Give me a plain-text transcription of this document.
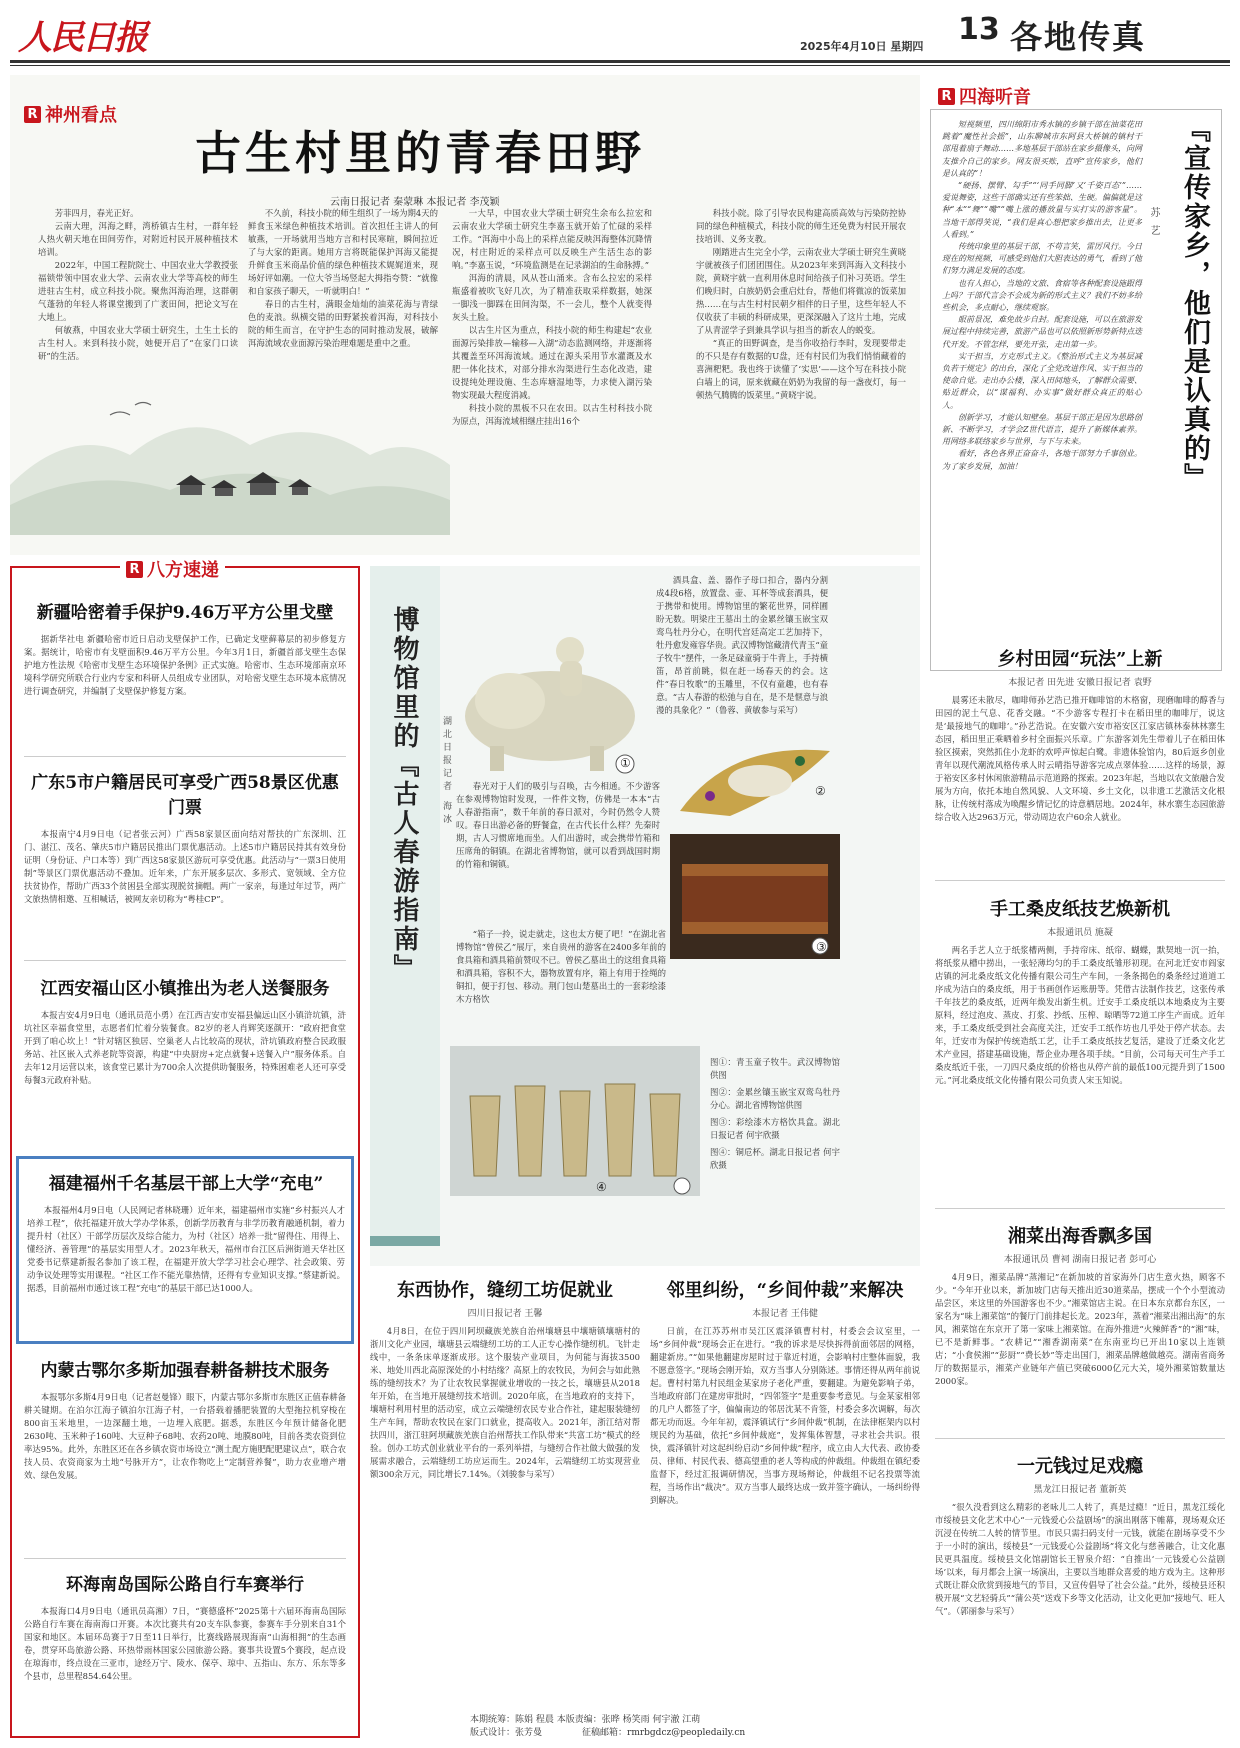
人民日报	2025年4月10日 星期四 13 各地传真
R 神州看点
古生村里的青春田野
云南日报记者 秦蒙琳 本报记者 李茂颖

芳菲四月，春光正好。

云南大理，洱海之畔，湾桥镇古生村，一群年轻人热火朝天地在田间劳作，对附近村民开展种植技术培训。

2022年，中国工程院院士、中国农业大学教授张福锁带领中国农业大学、云南农业大学等高校的师生进驻古生村，成立科技小院。聚焦洱海治理，这群朝气蓬勃的年轻人将课堂搬到了广袤田间，把论文写在大地上。

何敏燕，中国农业大学硕士研究生，土生土长的古生村人。来到科技小院，她便开启了“在家门口读研”的生活。

不久前，科技小院的师生组织了一场为期4天的鲜食玉米绿色种植技术培训。首次担任主讲人的何敏燕，一开场就用当地方言和村民寒暄，瞬间拉近了与大家的距离。她用方言将既能保护洱海又能提升鲜食玉米商品价值的绿色种植技术娓娓道来，现场好评如潮。一位大爷当场竖起大拇指夸赞：“就像和自家孩子聊天，一听就明白！”

春日的古生村，满眼金灿灿的油菜花海与青绿色的麦浪。纵横交错的田野紧挨着洱海，对科技小院的师生而言，在守护生态的同时推动发展，破解洱海流域农业面源污染治理难题是重中之重。

一大早，中国农业大学硕士研究生余布么拉宏和云南农业大学硕士研究生李嘉玉就开始了忙碌的采样工作。“洱海中小岛上的采样点能反映洱海整体沉降情况，村庄附近的采样点可以反映生产生活生态的影响。”李嘉玉说，“环境监测是在记录湖泊的生命脉搏。”

洱海的清晨，风从苍山涌来。含布么拉宏的采样瓶盛着被吹飞好几次，为了精准获取采样数据，她深一脚浅一脚踩在田间沟渠，不一会儿，整个人就变得灰头土脸。

以古生片区为重点，科技小院的师生构建起“农业面源污染排放—输移—入湖”动态监测网络，并逐渐将其覆盖至环洱海流域。通过在源头采用节水灌溉及水肥一体化技术，对部分排水沟渠进行生态化改造，建设提纯处理设施、生态库塘湿地等，力求使入湖污染物实现最大程度消减。

科技小院的黑板不只在农田。以古生村科技小院为原点，洱海流域相继庄挂出16个

科技小院。除了引导农民构建高质高效与污染防控协同的绿色种植模式，科技小院的师生还免费为村民开展农技培训、义务支教。

刚踏进古生完全小学，云南农业大学硕士研究生黄晓宇就被孩子们团团围住。从2023年来到洱海入文科技小院，黄晓宇就一直利用休息时间给孩子们补习英语。学生们晚归时，白族奶奶会重启灶台，帮他们将微凉的饭菜加热……在与古生村村民朝夕相伴的日子里，这些年轻人不仅收获了丰硕的科研成果，更深深融入了这片土地，完成了从青涩学子到兼具学识与担当的新农人的蜕变。

“真正的田野调查，是当你收拾行李时，发现要带走的不只是存有数据的U盘，还有村民们为我们悄悄藏着的喜洲粑粑。我也终于读懂了‘实思’——这个写在科技小院白墙上的词，原来就藏在奶奶为我留的每一盏夜灯，每一顿热气腾腾的饭菜里。”黄晓宇说。

R 四海听音
『宣传家乡，他们是认真的』
苏艺

短视频里，四川绵阳市秀水镇的乡镇干部在油菜花田跳着“魔性社会摇”，山东聊城市东阿县大桥镇的镇村干部甩着扇子舞动……多地基层干部站在家乡摄像头，向网友推介自己的家乡。网友很买账，直呼“宣传家乡，他们是认真的”！

“硬扬、摆臂、勾手”“‘同手同脚’又‘千姿百态’”……爱说舞姿，这些干部确实还有些笨拙、生硬。偏偏就是这种“本”“舞”“嘴”“嘴上涨的播放量与实打实的游客量”。当地干部得笑说，“我们是真心想把家乡推出去，让更多人看到。”

传统印象里的基层干部，不苟言笑，雷厉风行。今日现在的短视频，可感受到他们大胆表达的勇气，看到了他们努力满足发展的态度。

也有人担心，当地的文旅、食宿等各种配套设施跟得上吗？干部代言会不会成为新的形式主义？我们不妨多给些机会，多点耐心，继续观察。

眼前景况，难免故步自封。配套设施，可以在旅游发展过程中持续完善，旅游产品也可以依照新形势新特点迭代开发。不管怎样，要先开张，走出第一步。

实干担当，方克形式主义。《整治形式主义为基层减负若干规定》的出台，深化了全党改进作风、实干担当的使命自觉。走出办公楼，深入田间地头，了解群众需要、贴近群众，以“谋福利、办实事”做好群众真正的贴心人。

创新学习，才能认知壁垒。基层干部正是因为思路创新、不断学习，才学会Z世代语言，提升了新媒体素养。用网络多联络家乡与世界，与下与未来。

看好，各色各界正奋奋斗，各地干部努力千事创业。为了家乡发展，加油！

R 八方速递
新疆哈密着手保护9.46万平方公里戈壁
据新华社电 新疆哈密市近日启动戈壁保护工作，已确定戈壁藓幕层的初步修复方案。据统计，哈密市有戈壁面积9.46万平方公里。今年3月1日，新疆首部戈壁生态保护地方性法规《哈密市戈壁生态环境保护条例》正式实施。哈密市、生态环境部南京环境科学研究所联合行业内专家和科研人员组成专业团队，对哈密戈壁生态环境本底情况进行调查研究，并编制了戈壁保护修复方案。
广东5市户籍居民可享受广西58景区优惠门票
本报南宁4月9日电（记者张云河）广西58家景区面向结对帮扶的广东深圳、江门、湛江、茂名、肇庆5市户籍居民推出门票优惠活动。上述5市户籍居民持其有效身份证明（身份证、户口本等）到广西这58家景区游玩可享受优惠。此活动与“一票3日使用制”等景区门票优惠活动不叠加。近年来，广东开展多层次、多形式、宽领域、全方位扶贫协作，帮助广西33个贫困县全部实现脱贫摘帽。两广一家亲，每逢过年过节，两广文旅热情相邀、互相喊话，被网友亲切称为“粤桂CP”。
江西安福山区小镇推出为老人送餐服务
本报吉安4月9日电（通讯员范小勇）在江西吉安市安福县偏远山区小镇浒坑镇，浒坑社区幸福食堂里，志愿者们忙着分装餐食。82岁的老人肖辉笑逐颜开：“政府把食堂开到了咱心坎上！”针对辖区独居、空巢老人占比较高的现状，浒坑镇政府整合民政服务站、社区嵌入式养老院等资源，构建“中央厨房+定点就餐+送餐入户”服务体系。自去年12月运营以来，该食堂已累计为700余人次提供助餐服务，特殊困难老人还可享受每餐3元政府补贴。
福建福州千名基层干部上大学“充电”
本报福州4月9日电（人民网记者林晓珊）近年来，福建福州市实施“乡村振兴人才培养工程”，依托福建开放大学办学体系，创新学历教育与非学历教育融通机制，着力提升村（社区）干部学历层次及综合能力，为村（社区）培养一批“留得住、用得上、懂经济、善管理”的基层实用型人才。2023年秋天，福州市台江区后洲街道天华社区党委书记蔡建新报名参加了该工程，在福建开放大学学习社会心理学、社会政策、劳动争议处理等实用课程。“社区工作不能光靠热情，还得有专业知识支撑。”蔡建新说。据悉，目前福州市通过该工程“充电”的基层干部已达1000人。
内蒙古鄂尔多斯加强春耕备耕技术服务
本报鄂尔多斯4月9日电（记者赵曼锋）眼下，内蒙古鄂尔多斯市东胜区正值春耕备耕关键期。在泊尔江海子镇泊尔江海子村，一台搭载着播肥装置的大型拖拉机穿梭在800亩玉米地里，一边深翻土地，一边埋入底肥。据悉，东胜区今年预计储备化肥2630吨、玉米种子160吨、大豆种子68吨、农药20吨、地膜80吨，目前各类农资到位率达95%。此外，东胜区还在各乡镇农资市场设立“测土配方施肥配肥建议点”，联合农技人员、农资商家为土地“号脉开方”，让农作物吃上“定制营养餐”，助力农业增产增效、绿色发展。
环海南岛国际公路自行车赛举行
本报海口4月9日电（通讯员高湘）7日，“赛德盛杯”2025第十六届环海南岛国际公路自行车赛在海南海口开赛。本次比赛共有20支车队参赛，参赛车手分别来自31个国家和地区。本届环岛赛于7日至11日举行，比赛线路展现海南“山海相拥”的生态画卷，贯穿环岛旅游公路、环热带雨林国家公园旅游公路。赛事共设置5个赛段，起点设在琼海市，终点设在三亚市，途经万宁、陵水、保亭、琼中、五指山、东方、乐东等多个县市，总里程854.64公里。
博物馆里的『古人春游指南』	湖北日报记者 海冰	①
酒具盒、盖、器作子母口扣合，器内分割成4段6格，放置盘、壶、耳杯等成套酒具，便于携带和使用。博物馆里的繁花世界，同样圃盼无数。明梁庄王墓出土的金累丝镶玉嵌宝双鸾鸟牡丹分心，在明代宫廷高定工艺加持下，牡丹愈发雍容华贵。武汉博物馆藏清代青玉“童子牧牛”摆件，一条足碌童骑于牛背上，手持横笛，昂首前眺，似在赶一场春天的约会。这件“春日牧歌”的玉雕里，不仅有童趣，也有春意。“古人春游的松弛与自在，是不是惬意与浪漫的具象化？”（鲁蓉、黄敏参与采写）
②
春光对于人们的吸引与召唤，古今相通。不少游客在参观博物馆时发现，一件件文物，仿佛是一本本“古人春游指南”，数千年前的春日派对，今时仍然令人赞叹。春日出游必备的野餐盒，在古代长什么样？先秦时期，古人习惯席地而坐。人们出游时，或会携带竹箱和压席角的铜镇。在湖北省博物馆，就可以看到战国时期的竹箱和铜镇。
③
“箱子一拎，说走就走，这也太方便了吧！”在湖北省博物馆“曾侯乙”展厅，来自贵州的游客在2400多年前的食具箱和酒具箱前赞叹不已。曾侯乙墓出土的这组食具箱和酒具箱，容积不大，器物放置有序，箱上有用于拴绳的铜扣，便于打包、移动。荆门包山楚墓出土的一套彩绘漆木方格饮
④
图①：青玉童子牧牛。武汉博物馆供图
图②：金累丝镶玉嵌宝双鸾鸟牡丹分心。湖北省博物馆供图
图③：彩绘漆木方格饮具盒。湖北日报记者 何宇欣摄
图④：铜卮杯。湖北日报记者 何宇欣摄
东西协作，缝纫工坊促就业
四川日报记者 王馨
4月8日，在位于四川阿坝藏族羌族自治州壤塘县中壤塘镇壤塘村的浙川文化产业园，壤塘县云端缝纫工坊的工人正专心操作缝纫机。飞针走线中，一条条床单逐渐成形。这个服装产业项目，为何能与海拔3500米、地处川西北高原深处的小村结缘？高原上的农牧民，为何会与如此熟练的缝纫技术？为了让农牧民掌握就业增收的一技之长，壤塘县从2018年开始，在当地开展缝纫技术培训。2020年底，在当地政府的支持下，壤塘村利用村里的活动室，成立云端缝纫农民专业合作社，建起服装缝纫生产车间，帮助农牧民在家门口就业，提高收入。2021年，浙江结对帮扶四川，浙江驻阿坝藏族羌族自治州帮扶工作队带来“共富工坊”模式的经验。创办工坊式创业就业平台的一系列举措，与缝纫合作社做大做强的发展需求融合，云端缝纫工坊应运而生。2024年，云端缝纫工坊实现营业额300余万元，同比增长7.14%。（刘骏参与采写）
邻里纠纷，“乡间仲裁”来解决
本报记者 王伟健
日前，在江苏苏州市吴江区震泽镇曹村村，村委会会议室里，一场“乡间仲裁”现场会正在进行。“我的诉求是尽快拆得前面邻居的网格，翻建新房。”“如果他翻建房屋时过于靠近村道，会影响村庄整体面貌，我不愿意签字。”现场会刚开始，双方当事人分别陈述。事情还得从两年前说起。曹村村第九村民组金某家房子老化严重，要翻建。为避免影响子弟，当地政府部门在建房审批时，“四邻签字”是重要参考意见。与金某家相邻的几户人都签了字，偏偏南边的邻居沈某不肯签，村委会多次调解，每次都无功而返。今年年初，震泽镇试行“乡间仲裁”机制，在法律框架内以村规民约为基础，依托“乡间仲裁庭”，发挥集体智慧，寻求社会共识。很快，震泽镇针对这起纠纷启动“乡间仲裁”程序，成立由人大代表、政协委员、律师、村民代表、德高望重的老人等构成的仲裁组。仲裁组在镇纪委监督下，经过汇报调研情况，当事方现场辩论，仲裁组不记名投票等流程，当场作出“裁决”。双方当事人最终达成一致并签字确认，一场纠纷得到解决。
乡村田园“玩法”上新
本报记者 田先进 安徽日报记者 袁野
晨雾还未散尽，咖啡师孙艺浩已推开咖啡馆的木格窗，现磨咖啡的醇香与田园的泥土气息、花香交融。“不少游客专程打卡在稻田里的咖啡厅，说这是‘最接地气的咖啡’。”孙艺浩说。在安徽六安市裕安区江家店镇林泰林林寨生态园，稻田里正乘晒着乡村全面振兴乐章。广东游客刘先生带着儿子在稻田体验区摸索，突然抓住小龙虾的欢呼声惊起白鹭。非遗体验馆内，80后返乡创业青年以现代潮流风格传承人时云晴指导游客完成点翠体验……这样的场景，源于裕安区多村休闲旅游精品示范道路的探索。2023年起，当地以农文旅融合发展为方向，依托本地自然风貌、人文环境、乡土文化，以非遗工艺激活文化根脉，让传统村落成为唤醒乡情记忆的诗意栖居地。2024年，林水寨生态园旅游综合收入达2963万元，带动周边农户60余人就业。
手工桑皮纸技艺焕新机
本报通讯员 施凝
两名手艺人立于纸浆槽两侧，手持帘床、纸帘、蝴蝶，默契地一沉一抬，将纸浆从槽中捞出，一张轻薄均匀的手工桑皮纸雏形初现。在河北迁安市阎家店镇的河北桑皮纸文化传播有限公司生产车间，一条条揭色的桑条经过道道工序成为洁白的桑皮纸，用于书画创作运账册等。凭借古法制作技艺，这张传承千年技艺的桑皮纸，近两年焕发出新生机。迁安手工桑皮纸以本地桑皮为主要原料，经过泡皮、蒸皮、打浆、抄纸、压榨、晾晒等72道工序生产而成。近年来，手工桑皮纸受到社会高度关注，迁安手工纸作坊也几乎处于停产状态。去年，迁安市为保护传统造纸工艺，让手工桑皮纸技艺复活，建设了迁桑文化艺术产业园，搭建基础设施，帮企业办理各项手续。“目前，公司每天可生产手工桑皮纸近千张，一刀四尺桑皮纸的价格也从停产前的最低100元提升到了1500元。”河北桑皮纸文化传播有限公司负责人宋玉知说。
湘菜出海香飘多国
本报通讯员 曹祠 湖南日报记者 彭可心
4月9日，湘菜品牌“蒸湘记”在新加坡的首家海外门店生意火热，顾客不少。“今年开业以来，新加坡门店每天推出近30道菜品，摆成一个个小型流动品尝区，来这里的外国游客也不少。”湘菜馆店主说。在日本东京都台东区，一家名为“味上湘菜馆”的餐厅门前排起长龙。2023年，蒸着“湘菜出湘出海”的东风，湘菜馆在东京开了第一家味上湘菜馆。在海外推进“火辣鲜香”的“湘”味，已不是新鲜事。“农耕记”“湘香湖南菜”在东南亚均已开出10家以上连锁店；“小食侯湘”“彭厨”“费长妙”等走出国门，湘菜品牌越做越亮。湖南省商务厅的数据显示，湘菜产业链年产值已突破6000亿元大关，境外湘菜馆数量达2000家。
一元钱过足戏瘾
黑龙江日报记者 董新英
“很久没看到这么精彩的老咏儿二人转了，真是过瘾！”近日，黑龙江绥化市绥棱县文化艺术中心“一元钱爱心公益剧场”的演出刚落下帷幕，现场观众还沉浸在传统二人转的情节里。市民只需扫码支付一元钱，就能在剧场享受不少于一小时的演出，绥棱县“一元钱爱心公益剧场”将文化与慈善融合，让文化惠民更具温度。绥棱县文化馆副馆长王智泉介绍：“自推出‘一元钱爱心公益剧场’以来，每月都会上演一场演出，主要以当地群众喜爱的地方戏为主。这种形式既让群众欣赏到接地气的节目，又宣传倡导了社会公益。”此外，绥棱县还积极开展“文艺轻骑兵”“蒲公英”送戏下乡等文化活动，让文化更加“接地气、旺人气”。（郭丽参与采写）
本期统筹：陈娟 程晨 本版责编：张晔 杨笑雨 何宇澈 江萌
版式设计：张芳曼	征稿邮箱：rmrbgdcz@peopledaily.cn
